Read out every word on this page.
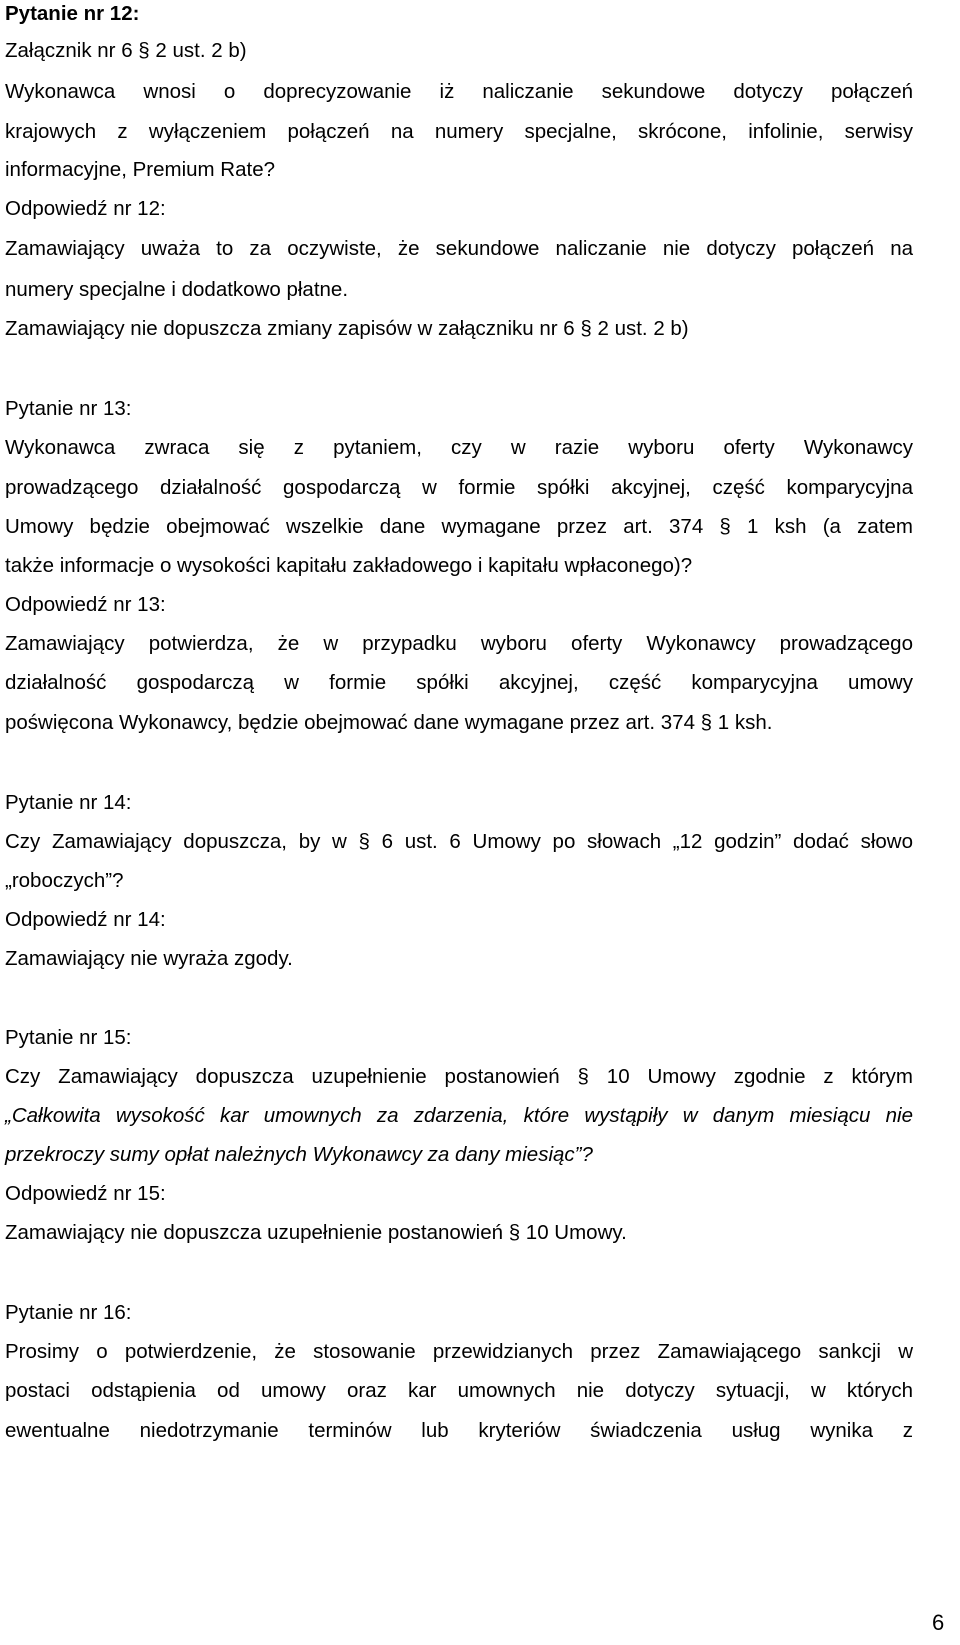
Pytanie nr 12:
Załącznik nr 6 § 2 ust. 2 b)
Wykonawca wnosi o doprecyzowanie iż naliczanie sekundowe dotyczy połączeń
krajowych z wyłączeniem połączeń na numery specjalne, skrócone, infolinie, serwisy
informacyjne, Premium Rate?
Odpowiedź nr 12:
Zamawiający uważa to za oczywiste, że sekundowe naliczanie nie dotyczy połączeń na
numery specjalne i dodatkowo płatne.
Zamawiający nie dopuszcza zmiany zapisów w załączniku nr 6 § 2 ust. 2 b)
Pytanie nr 13:
Wykonawca zwraca się z pytaniem, czy w razie wyboru oferty Wykonawcy
prowadzącego działalność gospodarczą w formie spółki akcyjnej, część komparycyjna
Umowy będzie obejmować wszelkie dane wymagane przez art. 374 § 1 ksh (a zatem
także informacje o wysokości kapitału zakładowego i kapitału wpłaconego)?
Odpowiedź nr 13:
Zamawiający potwierdza, że w przypadku wyboru oferty Wykonawcy prowadzącego
działalność gospodarczą w formie spółki akcyjnej, część komparycyjna umowy
poświęcona Wykonawcy, będzie obejmować dane wymagane przez art. 374 § 1 ksh.
Pytanie nr 14:
Czy Zamawiający dopuszcza, by w § 6 ust. 6 Umowy po słowach „12 godzin” dodać słowo
„roboczych”?
Odpowiedź nr 14:
Zamawiający nie wyraża zgody.
Pytanie nr 15:
Czy Zamawiający dopuszcza uzupełnienie postanowień § 10 Umowy zgodnie z którym
„Całkowita wysokość kar umownych za zdarzenia, które wystąpiły w danym miesiącu nie
przekroczy sumy opłat należnych Wykonawcy za dany miesiąc”?
Odpowiedź nr 15:
Zamawiający nie dopuszcza uzupełnienie postanowień § 10 Umowy.
Pytanie nr 16:
Prosimy o potwierdzenie, że stosowanie przewidzianych przez Zamawiającego sankcji w
postaci odstąpienia od umowy oraz kar umownych nie dotyczy sytuacji, w których
ewentualne niedotrzymanie terminów lub kryteriów świadczenia usług wynika z
6
